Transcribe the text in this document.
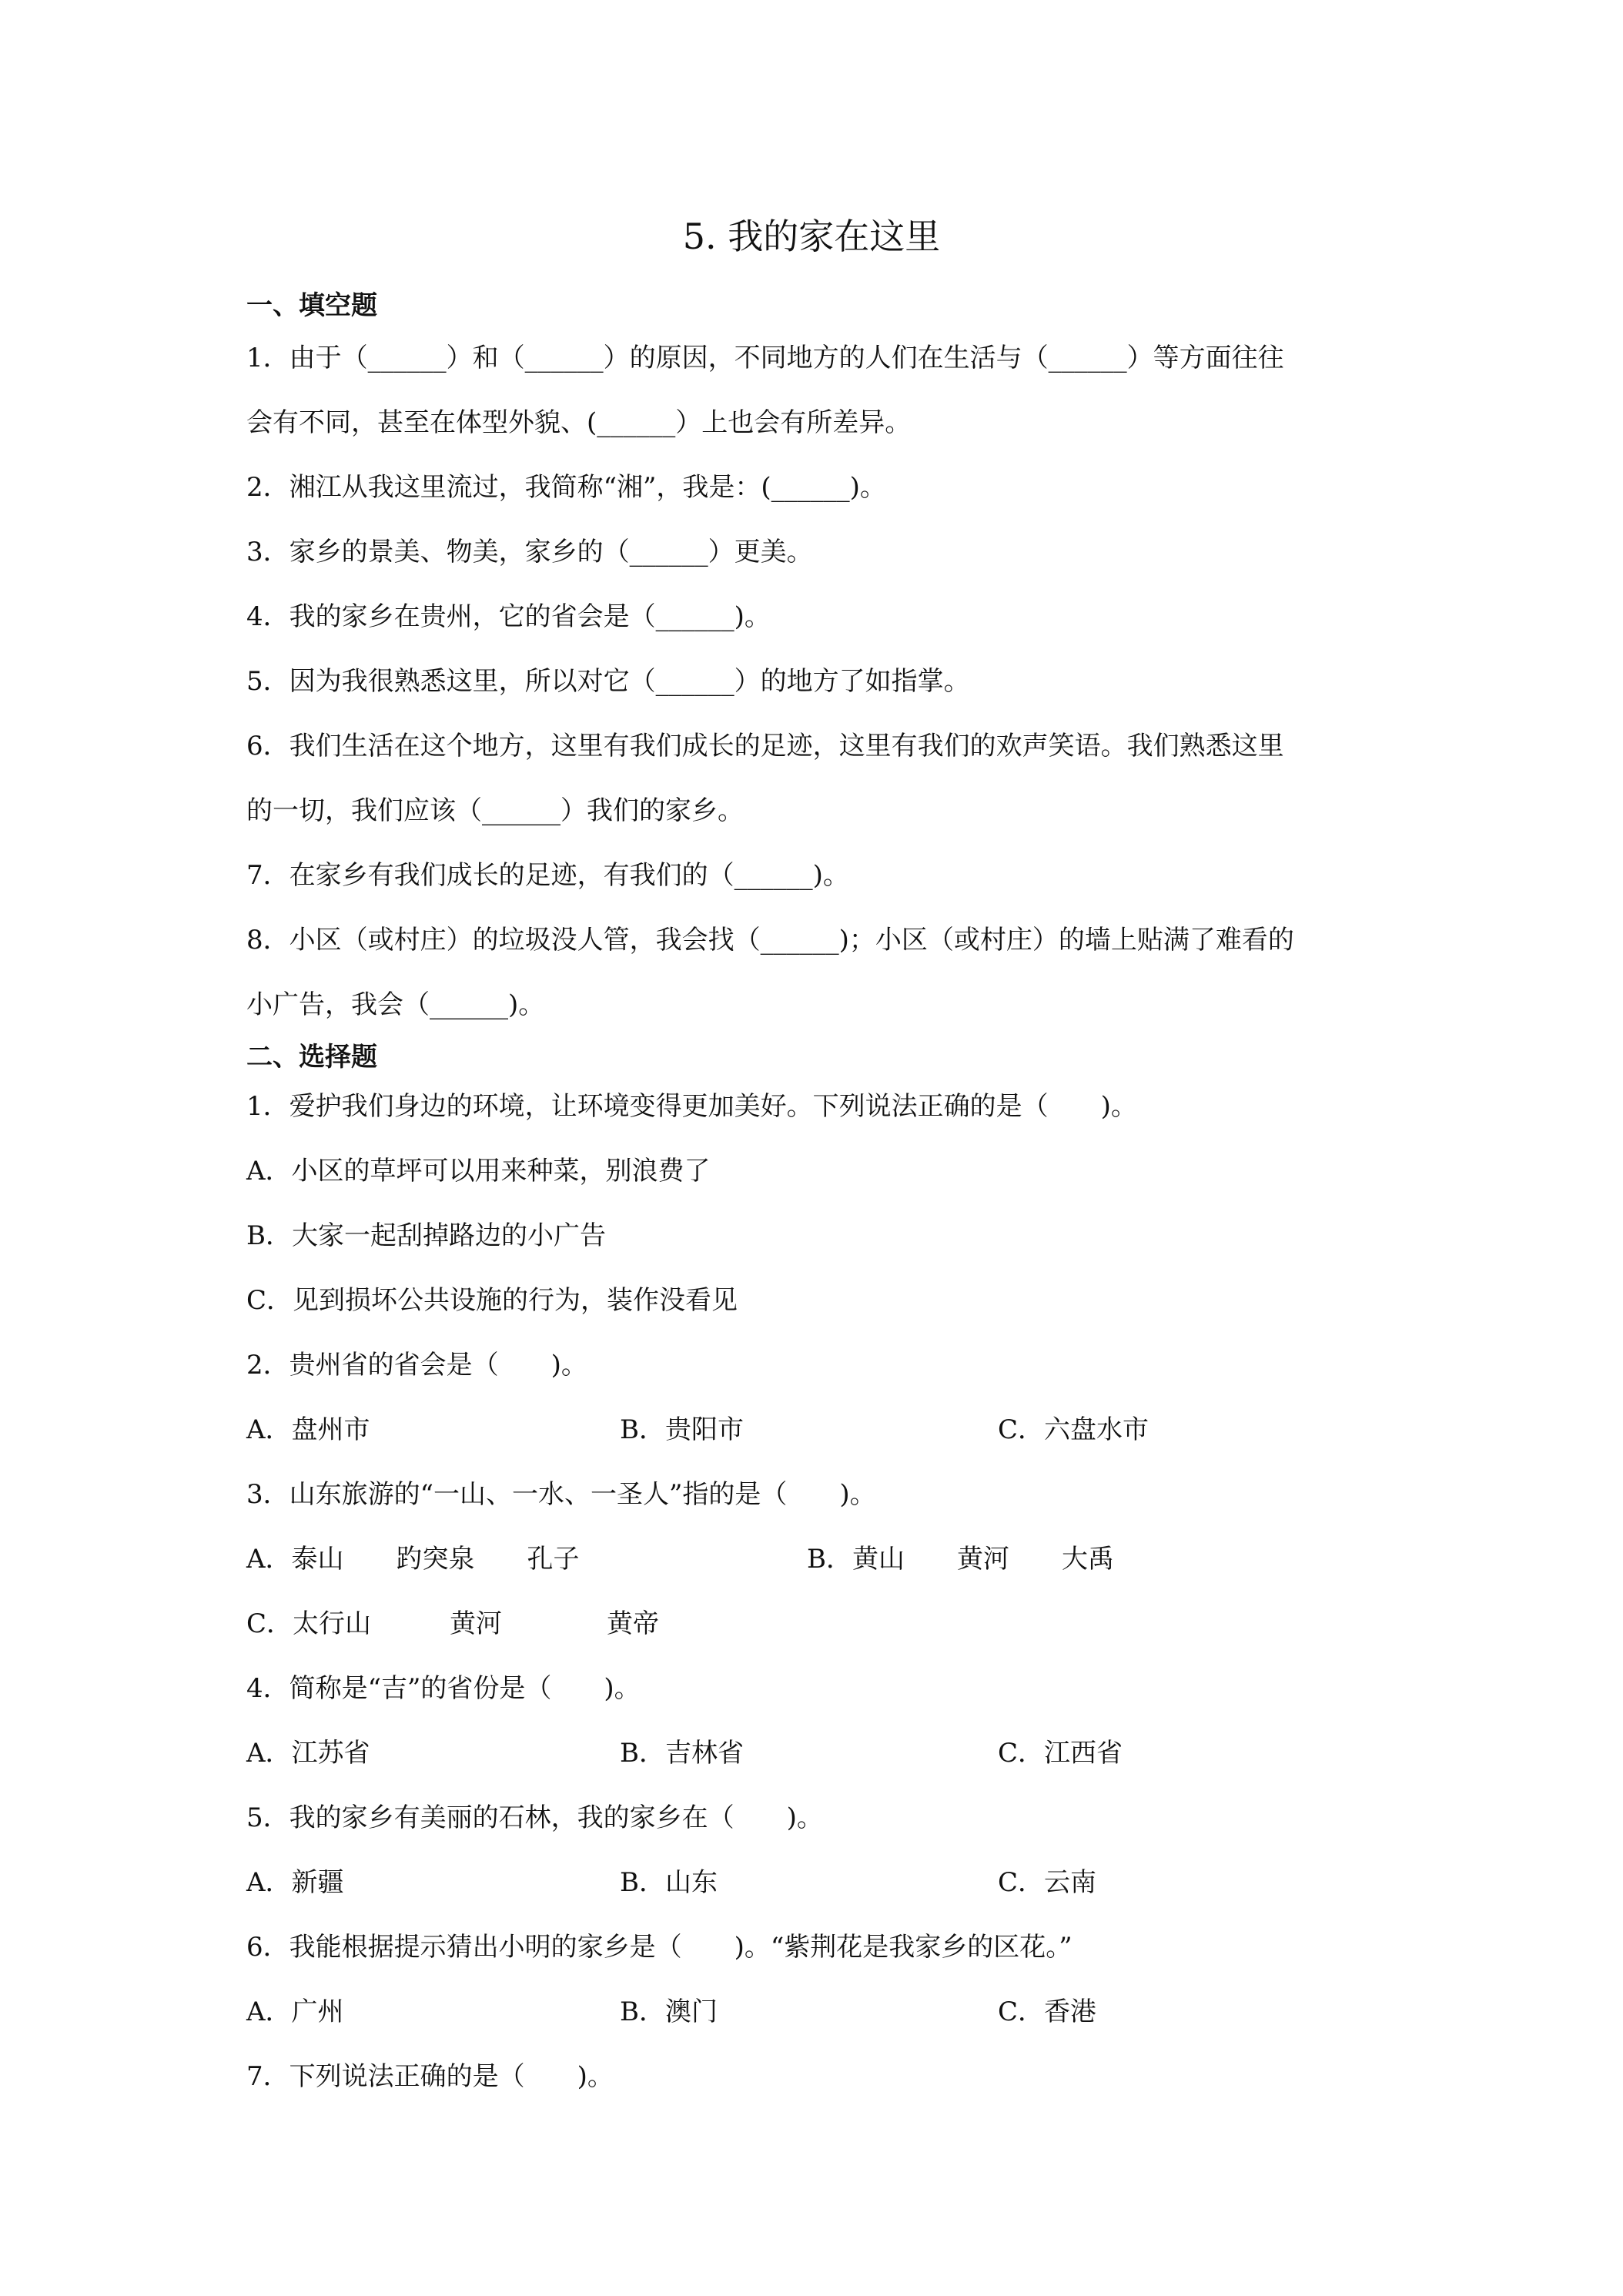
5. 我的家在这里
一、填空题
1．由于（______）和（______）的原因，不同地方的人们在生活与（______）等方面往往
会有不同，甚至在体型外貌、(______）上也会有所差异。
2．湘江从我这里流过，我简称“湘”，我是：(______)。
3．家乡的景美、物美，家乡的（______）更美。
4．我的家乡在贵州，它的省会是（______)。
5．因为我很熟悉这里，所以对它（______）的地方了如指掌。
6．我们生活在这个地方，这里有我们成长的足迹，这里有我们的欢声笑语。我们熟悉这里
的一切，我们应该（______）我们的家乡。
7．在家乡有我们成长的足迹，有我们的（______)。
8．小区（或村庄）的垃圾没人管，我会找（______)；小区（或村庄）的墙上贴满了难看的
小广告，我会（______)。
二、选择题
1．爱护我们身边的环境，让环境变得更加美好。下列说法正确的是（　　)。
A．小区的草坪可以用来种菜，别浪费了
B．大家一起刮掉路边的小广告
C．见到损坏公共设施的行为，装作没看见
2．贵州省的省会是（　　)。
A．盘州市	B．贵阳市	C．六盘水市
3．山东旅游的“一山、一水、一圣人”指的是（　　)。
A．泰山　　趵突泉　　孔子	B．黄山　　黄河　　大禹
C．太行山　　　黄河　　　　黄帝
4．简称是“吉”的省份是（　　)。
A．江苏省	B．吉林省	C．江西省
5．我的家乡有美丽的石林，我的家乡在（　　)。
A．新疆	B．山东	C．云南
6．我能根据提示猜出小明的家乡是（　　)。“紫荆花是我家乡的区花。”
A．广州	B．澳门	C．香港
7．下列说法正确的是（　　)。
